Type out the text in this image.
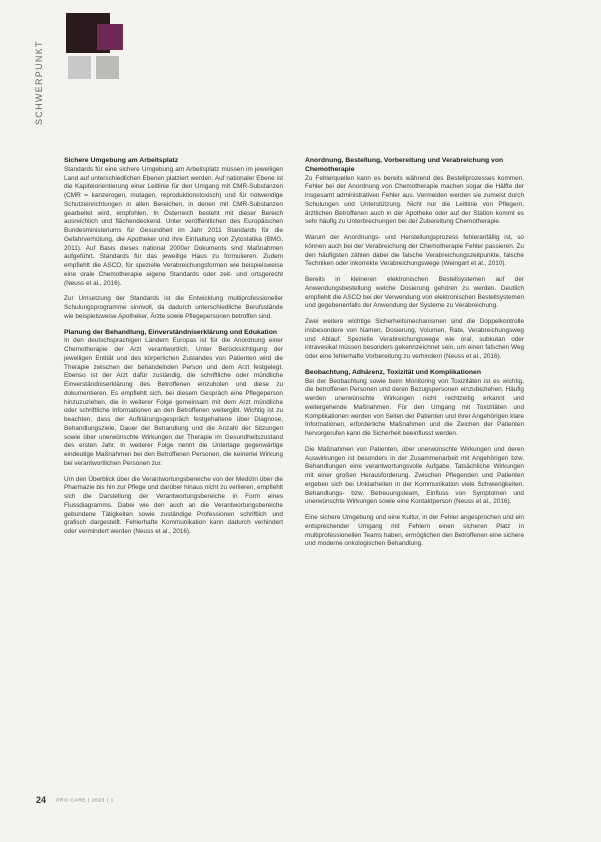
SCHWERPUNKT
Sichere Umgebung am Arbeitsplatz

Standards für eine sichere Umgebung am Arbeitsplatz müssen im jeweiligen Land auf unterschiedlichen Ebenen platziert werden. Auf nationaler Ebene ist die Kapitelorientierung einer Leitlinie für den Umgang mit CMR-Substanzen (CMR = kanzerogen, mutagen, reproduktionstoxisch) und für notwendige Schutzeinrichtungen in allen Bereichen, in denen mit CMR-Substanzen gearbeitet wird, empfohlen. In Österreich besteht mit dieser Bereich ausreichlich und flächendeckend. Unter veröffentlichen des Europäischen Bundesministeriums für Gesundheit im Jahr 2011 Standards für die Gefahrverhütung, die Apotheker und ihre Einhaltung von Zytostatika (BMG, 2011). Auf Basis dieses national 2000er Dokuments sind Maßnahmen aufgeführt. Standards für das jeweilige Haus zu formulieren. Zudem empfiehlt die ASCO, für spezielle Verabreichungsformen wie beispielsweise eine orale Chemotherapie eigene Standards oder zeit- und ortsgerecht (Neuss et al., 2016).

Zur Umsetzung der Standards ist die Entwicklung multiprofessioneller Schulungsprogramme sinnvoll, da dadurch unterschiedliche Berufsstände wie beispielsweise Apotheker, Ärzte sowie Pflegepersonen betroffen sind.

Planung der Behandlung, Einverständniserklärung und Edukation

In den deutschsprachigen Ländern Europas ist für die Anordnung einer Chemotherapie der Arzt verantwortlich. Unter Berücksichtigung der jeweiligen Entität und des körperlichen Zustandes von Patienten wird die Therapie zwischen der behandelnden Person und dem Arzt festgelegt. Ebenso ist der Arzt dafür zuständig, die schriftliche oder mündliche Einverständniserklärung des Betroffenen einzuholen und diese zu dokumentieren. Es empfiehlt sich, bei diesem Gespräch eine Pflegeperson hinzuzuziehen, die in weiterer Folge gemeinsam mit dem Arzt mündliche oder schriftliche Informationen an den Betroffenen weitergibt. Wichtig ist zu beachten, dass der Aufklärungsgespräch festgehaltene über Diagnose, Behandlungsziele, Dauer der Behandlung und die Anzahl der Sitzungen sowie über unerwünschte Wirkungen der Therapie im Gesundheitszustand des ersten Jahr. In weiterer Folge nennt die Unterlage gegenwärtige eindeutige Maßnahmen bei den Betroffenen Personen, die keinerlei Wirkung bei verantwortlichen Personen zur.

Um den Überblick über die Verantwortungsbereiche von der Medizin über die Pharmazie bis hin zur Pflege und darüber hinaus nicht zu verlieren, empfiehlt sich die Darstellung der Verantwortungsbereiche in Form eines Flussdiagramms. Dabei wie den auch an die Verantwortungsbereiche gebundene Tätigkeiten sowie zuständige Professionen schriftlich und grafisch dargestellt. Fehlerhafte Kommunikation kann dadurch verhindert oder vermindert werden (Neuss et al., 2016).

Anordnung, Bestellung, Vorbereitung und Verabreichung von Chemotherapie

Zu Fehlerquellen kann es bereits während des Bestellprozesses kommen. Fehler bei der Anordnung von Chemotherapie machen sogar die Hälfte der insgesamt administrativen Fehler aus. Vermeiden werden sie zumeist durch Schulungen und Unterstützung. Nicht nur die Leitlinie von Pflegern, ärztlichen Betroffenen auch in der Apotheke oder auf der Station kommt es sehr häufig zu Unterbrechungen bei der Zubereitung Chemotherapie.

Warum der Anordnungs- und Herstellungsprozess fehleranfällig ist, so können auch bei der Verabreichung der Chemotherapie Fehler passieren. Zu den häufigsten zählen dabei die falsche Verabreichungszeitpunkte, falsche Techniken oder inkorrekte Verabreichungswege (Weingart et al., 2010).

Bereits in kleineren elektronischen Bestellsystemen auf der Anwendungsbestellung welche Dosierung gehören zu werden. Deutlich empfiehlt die ASCO bei der Verwendung von elektronischen Bestellsystemen und gegebenenfalls der Anwendung der Systeme zu Verabreichung.

Zwei weitere wichtige Sicherheitsmechanismen sind die Doppelkontrolle insbesondere von Namen, Dosierung, Volumen, Rate, Verabreichungsweg und Ablauf. Spezielle Verabreichungswege wie oral, subkutan oder intravesikal müssen besonders gekennzeichnet sein, um einen falschen Weg oder eine fehlerhafte Vorbereitung zu verhindern (Neuss et al., 2016).

Beobachtung, Adhärenz, Toxizität und Komplikationen

Bei der Beobachtung sowie beim Monitoring von Toxizitäten ist es wichtig, die betroffenen Personen und deren Bezugspersonen einzubeziehen. Häufig werden unerwünschte Wirkungen nicht rechtzeitig erkannt und weitergehende Maßnahmen. Für den Umgang mit Toxizitäten und Komplikationen werden von Seiten der Patienten und ihrer Angehörigen klare Informationen, erforderliche Maßnahmen und die Zeichen der Patienten hervorgerufen kann die Sicherheit beeinflusst werden.

Die Maßnahmen von Patienten, über unerwünschte Wirkungen und deren Auswirkungen ist besonders in der Zusammenarbeit mit Angehörigen bzw. Behandlungen eine verantwortungsvolle Aufgabe. Tatsächliche Wirkungen mit einer großen Herausforderung. Zwischen Pflegenden und Patienten ergeben sich bei Unklarheiten in der Kommunikation viele Schwierigkeiten. Behandlungs- bzw. Betreuungsteam, Einfluss von Symptomen und unerwünschte Wirkungen sowie eine Kontaktperson (Neuss et al., 2016).

Eine sichere Umgebung und eine Kultur, in der Fehler angesprochen und ein entsprechender Umgang mit Fehlern einen sicheren Platz in multiprofessionellen Teams haben, ermöglichen den Betroffenen eine sichere und moderne onkologischen Behandlung.

24 PRO CARE | 2023 | 1
